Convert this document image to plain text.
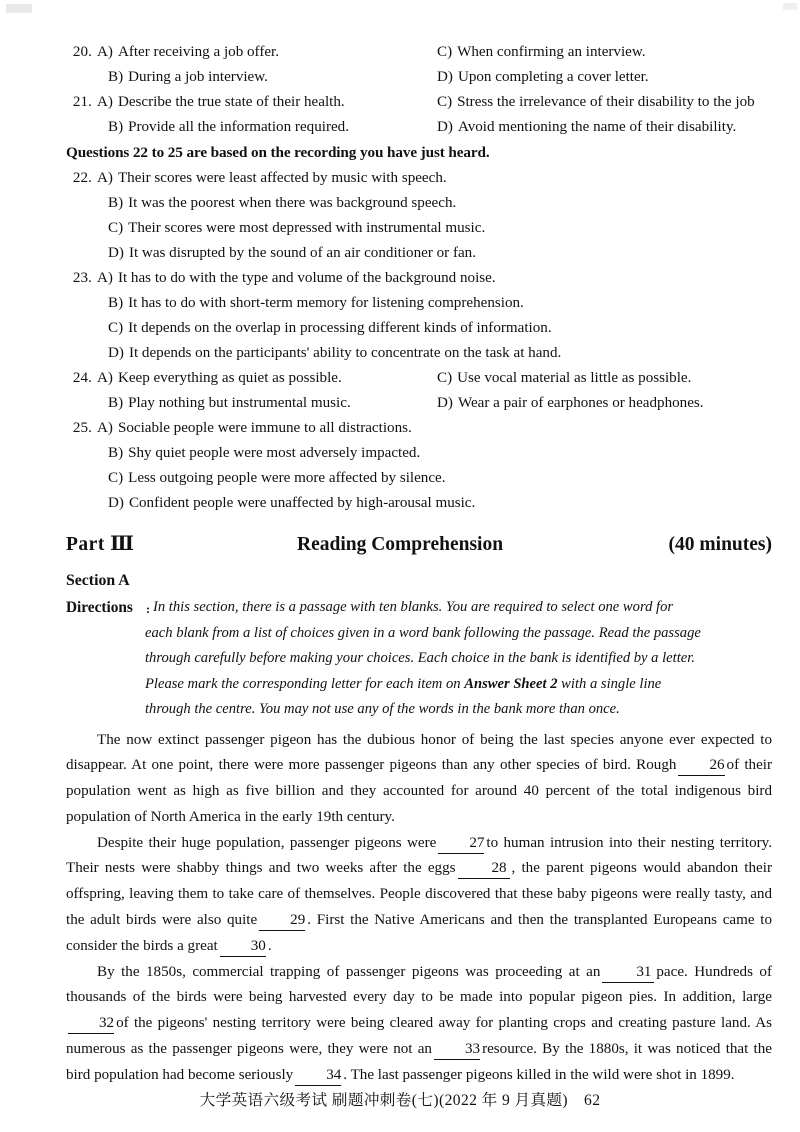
20. A) After receiving a job offer.	C) When confirming an interview.
B) During a job interview.	D) Upon completing a cover letter.
21. A) Describe the true state of their health.	C) Stress the irrelevance of their disability to the job
B) Provide all the information required.	D) Avoid mentioning the name of their disability.
Questions 22 to 25 are based on the recording you have just heard.
22. A) Their scores were least affected by music with speech.
B) It was the poorest when there was background speech.
C) Their scores were most depressed with instrumental music.
D) It was disrupted by the sound of an air conditioner or fan.
23. A) It has to do with the type and volume of the background noise.
B) It has to do with short-term memory for listening comprehension.
C) It depends on the overlap in processing different kinds of information.
D) It depends on the participants' ability to concentrate on the task at hand.
24. A) Keep everything as quiet as possible.	C) Use vocal material as little as possible.
B) Play nothing but instrumental music.	D) Wear a pair of earphones or headphones.
25. A) Sociable people were immune to all distractions.
B) Shy quiet people were most adversely impacted.
C) Less outgoing people were more affected by silence.
D) Confident people were unaffected by high-arousal music.
Part Ⅲ	Reading Comprehension	(40 minutes)
Section A
Directions : In this section, there is a passage with ten blanks. You are required to select one word for
each blank from a list of choices given in a word bank following the passage. Read the passage
through carefully before making your choices. Each choice in the bank is identified by a letter.
Please mark the corresponding letter for each item on Answer Sheet 2 with a single line
through the centre. You may not use any of the words in the bank more than once.

The now extinct passenger pigeon has the dubious honor of being the last species anyone ever expected to disappear. At one point, there were more passenger pigeons than any other species of bird. Rough 26 of their population went as high as five billion and they accounted for around 40 percent of the total indigenous bird population of North America in the early 19th century.

Despite their huge population, passenger pigeons were 27 to human intrusion into their nesting territory. Their nests were shabby things and two weeks after the eggs 28 , the parent pigeons would abandon their offspring, leaving them to take care of themselves. People discovered that these baby pigeons were really tasty, and the adult birds were also quite 29 . First the Native Americans and then the transplanted Europeans came to consider the birds a great 30 .

By the 1850s, commercial trapping of passenger pigeons was proceeding at an 31 pace. Hundreds of thousands of the birds were being harvested every day to be made into popular pigeon pies. In addition, large32 of the pigeons' nesting territory were being cleared away for planting crops and creating pasture land. As numerous as the passenger pigeons were, they were not an 33 resource. By the 1880s, it was noticed that the bird population had become seriously 34 . The last passenger pigeons killed in the wild were shot in 1899.

大学英语六级考试 刷题冲刺卷(七)(2022 年 9 月真题) 62
